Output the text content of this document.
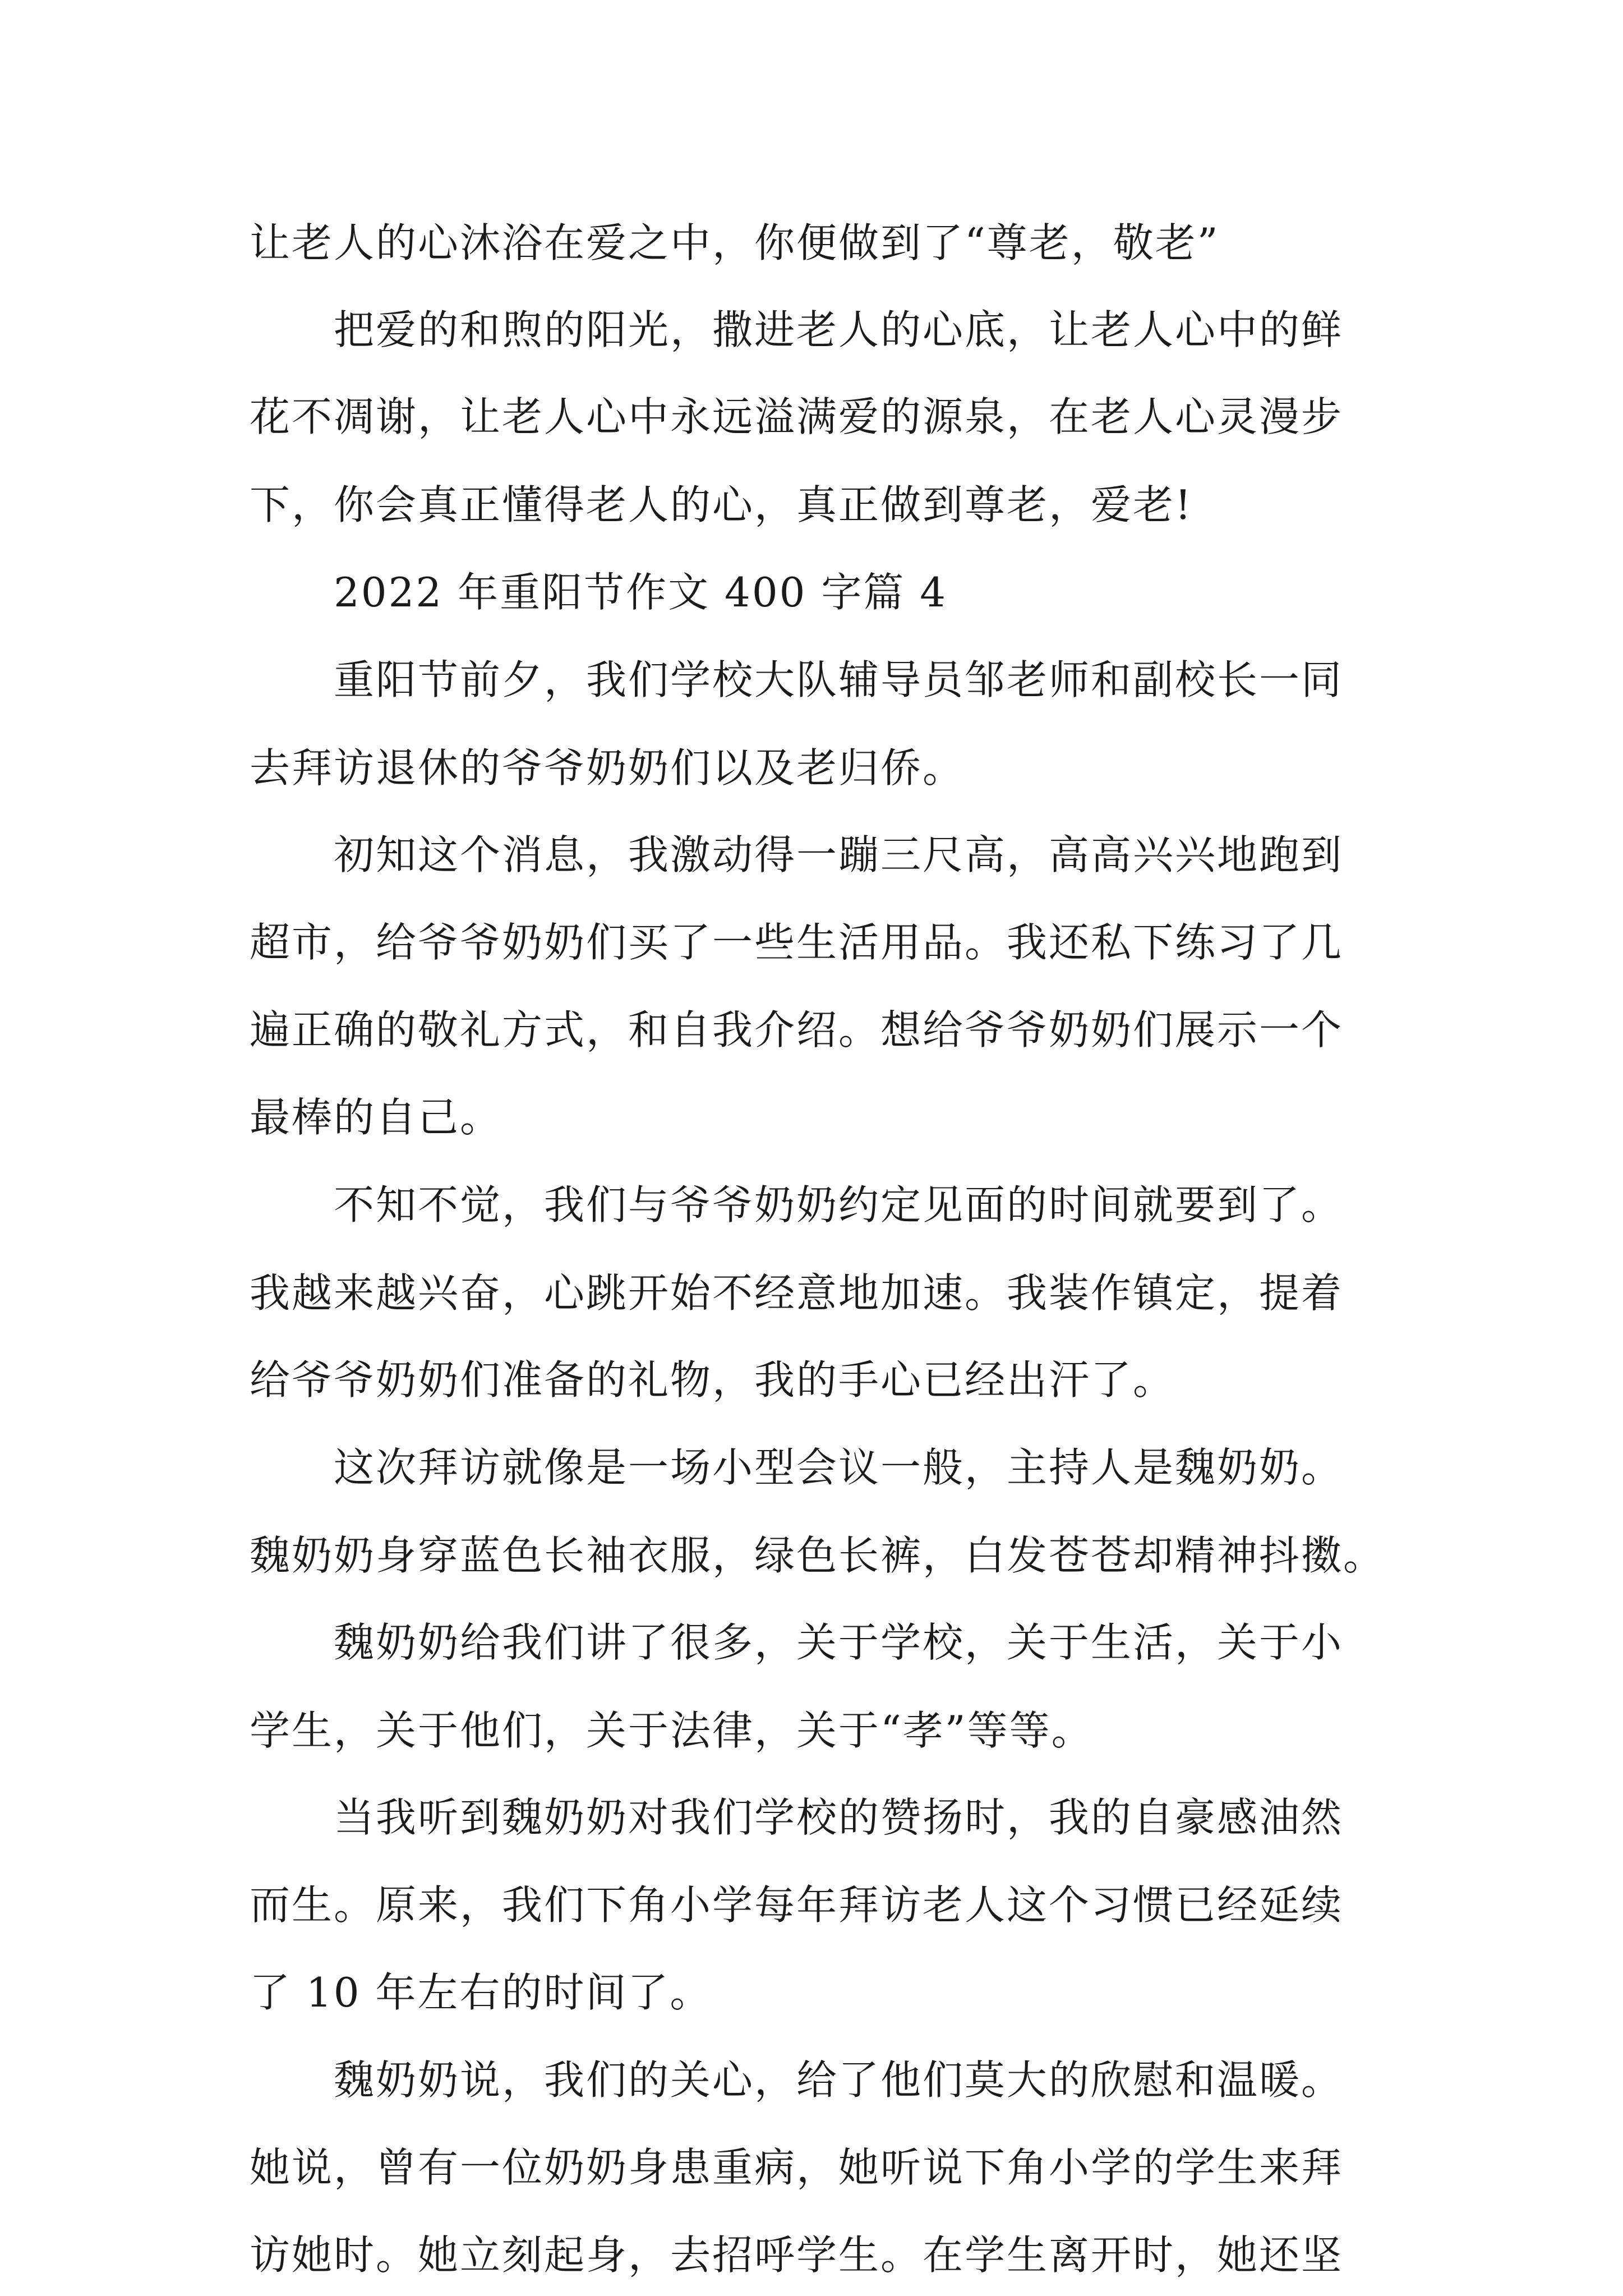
让老人的心沐浴在爱之中，你便做到了“尊老，敬老”
把爱的和煦的阳光，撒进老人的心底，让老人心中的鲜
花不凋谢，让老人心中永远溢满爱的源泉，在老人心灵漫步
下，你会真正懂得老人的心，真正做到尊老，爱老!
2022 年重阳节作文 400 字篇 4
重阳节前夕，我们学校大队辅导员邹老师和副校长一同
去拜访退休的爷爷奶奶们以及老归侨。
初知这个消息，我激动得一蹦三尺高，高高兴兴地跑到
超市，给爷爷奶奶们买了一些生活用品。我还私下练习了几
遍正确的敬礼方式，和自我介绍。想给爷爷奶奶们展示一个
最棒的自己。
不知不觉，我们与爷爷奶奶约定见面的时间就要到了。
我越来越兴奋，心跳开始不经意地加速。我装作镇定，提着
给爷爷奶奶们准备的礼物，我的手心已经出汗了。
这次拜访就像是一场小型会议一般，主持人是魏奶奶。
魏奶奶身穿蓝色长袖衣服，绿色长裤，白发苍苍却精神抖擞。
魏奶奶给我们讲了很多，关于学校，关于生活，关于小
学生，关于他们，关于法律，关于“孝”等等。
当我听到魏奶奶对我们学校的赞扬时，我的自豪感油然
而生。原来，我们下角小学每年拜访老人这个习惯已经延续
了 10 年左右的时间了。
魏奶奶说，我们的关心，给了他们莫大的欣慰和温暖。
她说，曾有一位奶奶身患重病，她听说下角小学的学生来拜
访她时。她立刻起身，去招呼学生。在学生离开时，她还坚
